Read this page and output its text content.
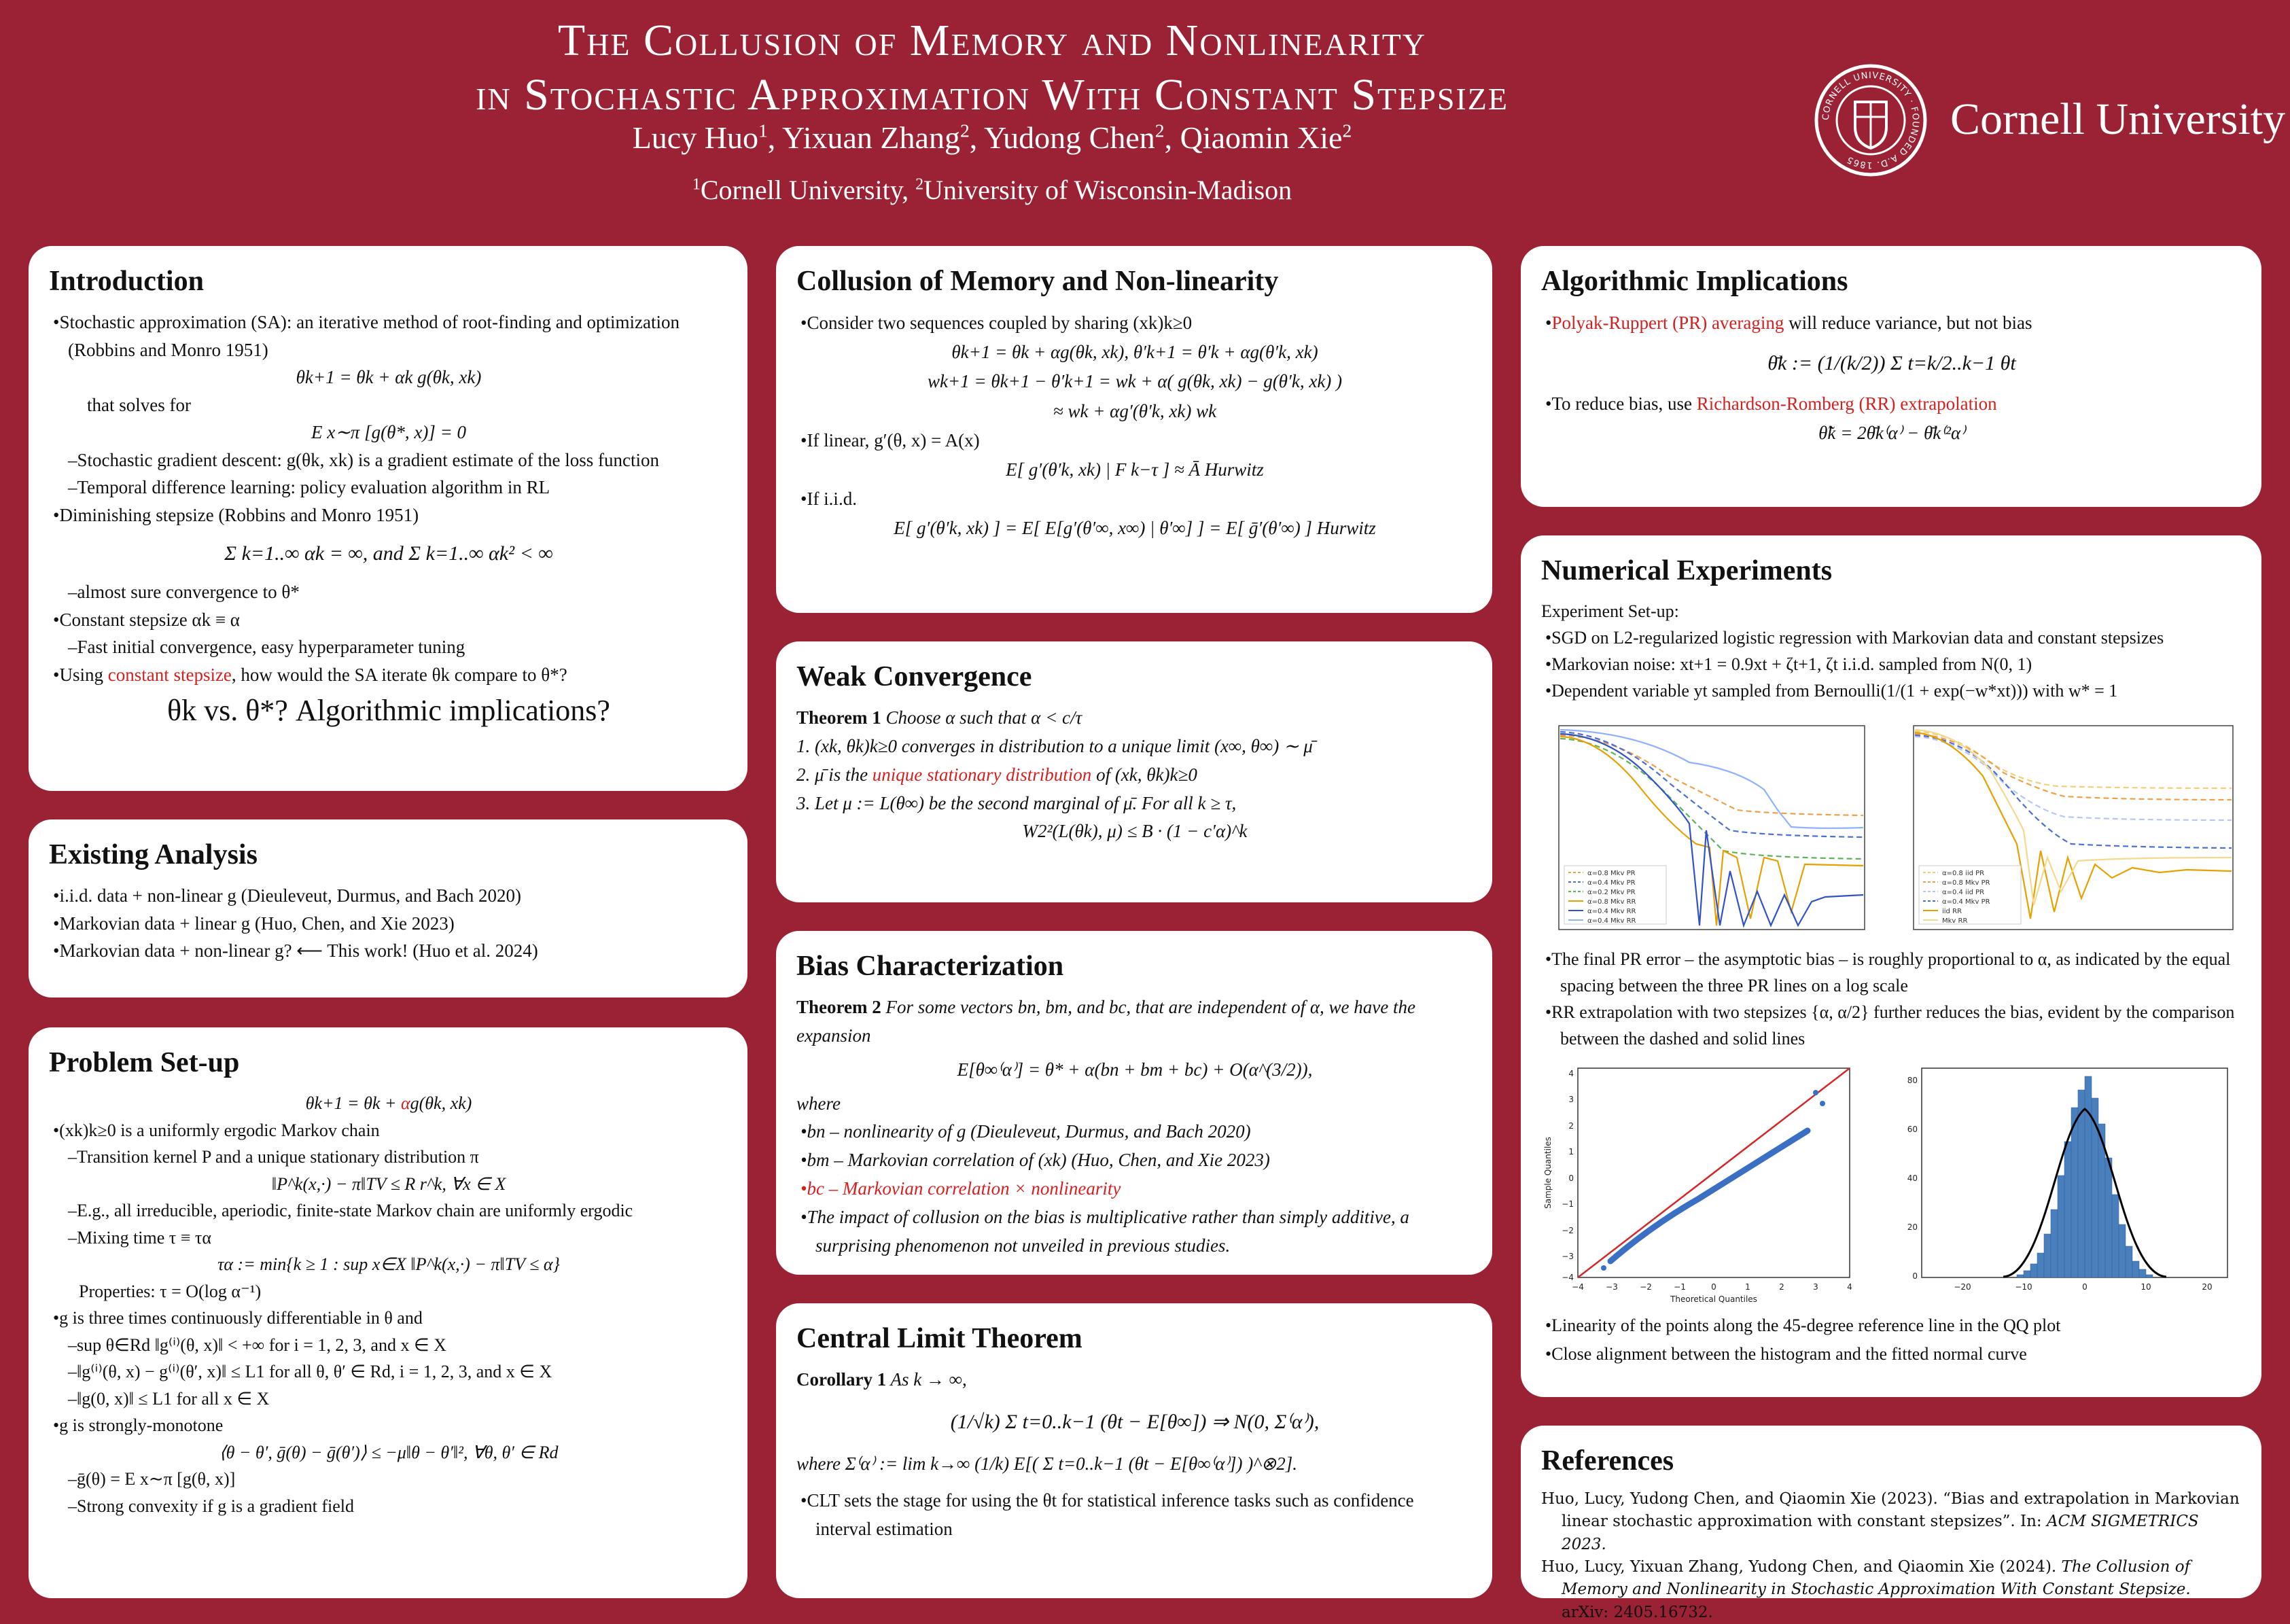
The Collusion of Memory and Nonlinearity
in Stochastic Approximation With Constant Stepsize
Lucy Huo$^1$, Yixuan Zhang$^2$, Yudong Chen$^2$, Qiaomin Xie$^2$
$^1$Cornell University, $^2$University of Wisconsin-Madison
CORNELL UNIVERSITY · FOUNDED A.D. 1865
Cornell University
Introduction

• Stochastic approximation (SA): an iterative method of root-finding and optimization (Robbins and Monro 1951)

θk+1 = θk + αk g(θk, xk)

that solves for

E x∼π [g(θ*, x)] = 0

– Stochastic gradient descent: g(θk, xk) is a gradient estimate of the loss function

– Temporal difference learning: policy evaluation algorithm in RL

• Diminishing stepsize (Robbins and Monro 1951)

Σ k=1..∞ αk = ∞, and Σ k=1..∞ αk² < ∞

– almost sure convergence to θ*

• Constant stepsize αk ≡ α

– Fast initial convergence, easy hyperparameter tuning

• Using constant stepsize, how would the SA iterate θk compare to θ*?

θk vs. θ*? Algorithmic implications?

Existing Analysis

• i.i.d. data + non-linear g (Dieuleveut, Durmus, and Bach 2020)

• Markovian data + linear g (Huo, Chen, and Xie 2023)

• Markovian data + non-linear g? ⟵ This work! (Huo et al. 2024)

Problem Set-up

θk+1 = θk + αg(θk, xk)

• (xk)k≥0 is a uniformly ergodic Markov chain

– Transition kernel P and a unique stationary distribution π

‖P^k(x,·) − π‖TV ≤ R r^k, ∀x ∈ X

– E.g., all irreducible, aperiodic, finite-state Markov chain are uniformly ergodic

– Mixing time τ ≡ τα

τα := min{k ≥ 1 : sup x∈X ‖P^k(x,·) − π‖TV ≤ α}

Properties: τ = O(log α⁻¹)

• g is three times continuously differentiable in θ and

– sup θ∈Rd ‖g⁽ⁱ⁾(θ, x)‖ < +∞ for i = 1, 2, 3, and x ∈ X

– ‖g⁽ⁱ⁾(θ, x) − g⁽ⁱ⁾(θ′, x)‖ ≤ L1 for all θ, θ′ ∈ Rd, i = 1, 2, 3, and x ∈ X

– ‖g(0, x)‖ ≤ L1 for all x ∈ X

• g is strongly-monotone

⟨θ − θ′, ḡ(θ) − ḡ(θ′)⟩ ≤ −μ‖θ − θ′‖², ∀θ, θ′ ∈ Rd

– ḡ(θ) = E x∼π [g(θ, x)]

– Strong convexity if g is a gradient field

Collusion of Memory and Non-linearity

• Consider two sequences coupled by sharing (xk)k≥0

θk+1 = θk + αg(θk, xk), θ′k+1 = θ′k + αg(θ′k, xk)

wk+1 = θk+1 − θ′k+1 = wk + α( g(θk, xk) − g(θ′k, xk) )

≈ wk + αg′(θ′k, xk) wk

• If linear, g′(θ, x) = A(x)

E[ g′(θ′k, xk) | F k−τ ] ≈ Ā Hurwitz

• If i.i.d.

E[ g′(θ′k, xk) ] = E[ E[g′(θ′∞, x∞) | θ′∞] ] = E[ ḡ′(θ′∞) ] Hurwitz

Weak Convergence

Theorem 1 Choose α such that α < c/τ

1. (xk, θk)k≥0 converges in distribution to a unique limit (x∞, θ∞) ∼ μ̄

2. μ̄ is the unique stationary distribution of (xk, θk)k≥0

3. Let μ := L(θ∞) be the second marginal of μ̄. For all k ≥ τ,

W2²(L(θk), μ) ≤ B · (1 − c′α)^k

Bias Characterization

Theorem 2 For some vectors bn, bm, and bc, that are independent of α, we have the expansion

E[θ∞⁽α⁾] = θ* + α(bn + bm + bc) + O(α^(3/2)),

where

• bn – nonlinearity of g (Dieuleveut, Durmus, and Bach 2020)

• bm – Markovian correlation of (xk) (Huo, Chen, and Xie 2023)

• bc – Markovian correlation × nonlinearity

• The impact of collusion on the bias is multiplicative rather than simply additive, a surprising phenomenon not unveiled in previous studies.

Central Limit Theorem

Corollary 1 As k → ∞,

(1/√k) Σ t=0..k−1 (θt − E[θ∞]) ⇒ N(0, Σ⁽α⁾),

where Σ⁽α⁾ := lim k→∞ (1/k) E[( Σ t=0..k−1 (θt − E[θ∞⁽α⁾]) )^⊗2].

• CLT sets the stage for using the θt for statistical inference tasks such as confidence interval estimation

Algorithmic Implications

• Polyak-Ruppert (PR) averaging will reduce variance, but not bias

θ̄k := (1/(k/2)) Σ t=k/2..k−1 θt

• To reduce bias, use Richardson-Romberg (RR) extrapolation

θ̃k = 2θ̄k⁽α⁾ − θ̄k⁽²α⁾

Numerical Experiments

Experiment Set-up:

• SGD on L2-regularized logistic regression with Markovian data and constant stepsizes

• Markovian noise: xt+1 = 0.9xt + ζt+1, ζt i.i.d. sampled from N(0, 1)

• Dependent variable yt sampled from Bernoulli(1/(1 + exp(−w*xt))) with w* = 1

α=0.8 Mkv PR
α=0.4 Mkv PR
α=0.2 Mkv PR
α=0.8 Mkv RR
α=0.4 Mkv RR
α=0.4 Mkv RR
α=0.8 iid PR
α=0.8 Mkv PR
α=0.4 iid PR
α=0.4 Mkv PR
iid RR
Mkv RR

• The final PR error – the asymptotic bias – is roughly proportional to α, as indicated by the equal spacing between the three PR lines on a log scale

• RR extrapolation with two stepsizes {α, α/2} further reduces the bias, evident by the comparison between the dashed and solid lines

−4	−3	−2	−1	0	1	2	3	4
Theoretical Quantiles
4
3
2
1
0
−1
−2
−3
−4
Sample Quantiles
−20	−10	0	10	20
80
60
40
20
0

• Linearity of the points along the 45-degree reference line in the QQ plot

• Close alignment between the histogram and the fitted normal curve

References

Huo, Lucy, Yudong Chen, and Qiaomin Xie (2023). “Bias and extrapolation in Markovian linear stochastic approximation with constant stepsizes”. In: ACM SIGMETRICS 2023.

Huo, Lucy, Yixuan Zhang, Yudong Chen, and Qiaomin Xie (2024). The Collusion of Memory and Nonlinearity in Stochastic Approximation With Constant Stepsize. arXiv: 2405.16732.
